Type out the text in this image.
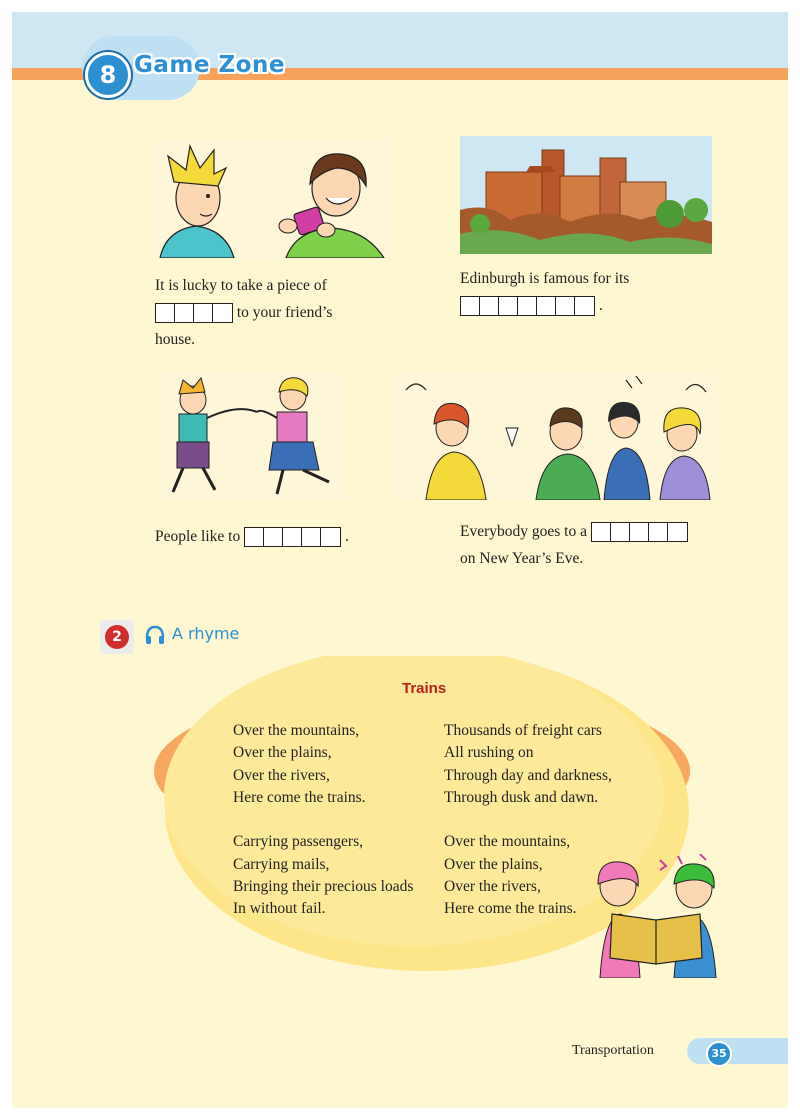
8 Game Zone
It is lucky to take a piece of
to your friend’s
house.
Edinburgh is famous for its
.
People like to	.	Everybody goes to a
on New Year’s Eve.
2	A rhyme
Trains
Over the mountains,
Over the plains,
Over the rivers,
Here come the trains.
Carrying passengers,
Carrying mails,
Bringing their precious loads
In without fail.
Thousands of freight cars
All rushing on
Through day and darkness,
Through dusk and dawn.
Over the mountains,
Over the plains,
Over the rivers,
Here come the trains.
Transportation	35
